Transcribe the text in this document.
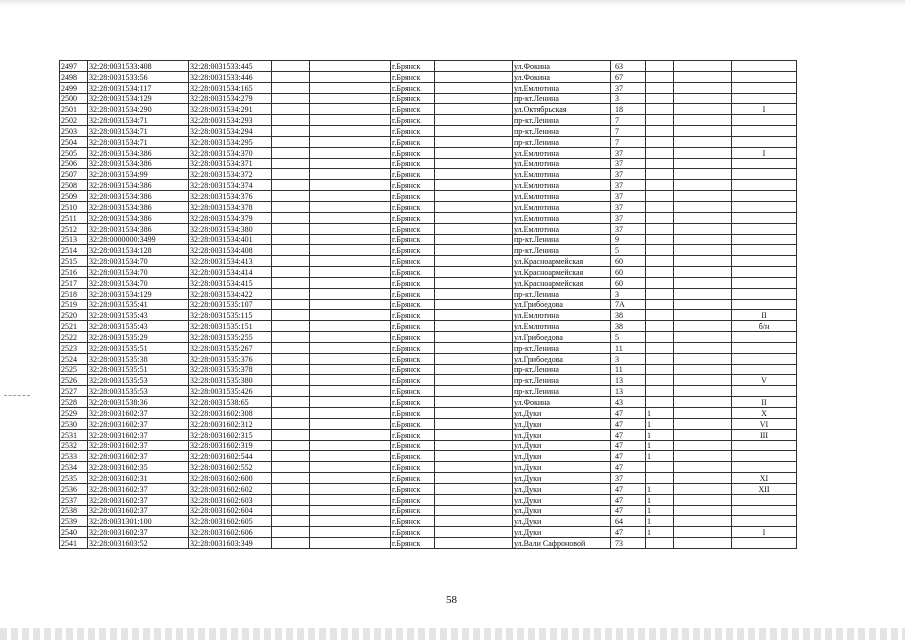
2497	32:28:0031533:408	32:28:0031533:445			г.Брянск		ул.Фокина	63			
2498	32:28:0031533:56	32:28:0031533:446			г.Брянск		ул.Фокина	67			
2499	32:28:0031534:117	32:28:0031534:165			г.Брянск		ул.Емлютина	37			
2500	32:28:0031534:129	32:28:0031534:279			г.Брянск		пр-кт.Ленина	3			
2501	32:28:0031534:290	32:28:0031534:291			г.Брянск		ул.Октябрьская	18			I
2502	32:28:0031534:71	32:28:0031534:293			г.Брянск		пр-кт.Ленина	7			
2503	32:28:0031534:71	32:28:0031534:294			г.Брянск		пр-кт.Ленина	7			
2504	32:28:0031534:71	32:28:0031534:295			г.Брянск		пр-кт.Ленина	7			
2505	32:28:0031534:386	32:28:0031534:370			г.Брянск		ул.Емлютина	37			I
2506	32:28:0031534:386	32:28:0031534:371			г.Брянск		ул.Емлютина	37			
2507	32:28:0031534:99	32:28:0031534:372			г.Брянск		ул.Емлютина	37			
2508	32:28:0031534:386	32:28:0031534:374			г.Брянск		ул.Емлютина	37			
2509	32:28:0031534:386	32:28:0031534:376			г.Брянск		ул.Емлютина	37			
2510	32:28:0031534:386	32:28:0031534:378			г.Брянск		ул.Емлютина	37			
2511	32:28:0031534:386	32:28:0031534:379			г.Брянск		ул.Емлютина	37			
2512	32:28:0031534:386	32:28:0031534:380			г.Брянск		ул.Емлютина	37			
2513	32:28:0000000:3499	32:28:0031534:401			г.Брянск		пр-кт.Ленина	9			
2514	32:28:0031534:128	32:28:0031534:408			г.Брянск		пр-кт.Ленина	5			
2515	32:28:0031534:70	32:28:0031534:413			г.Брянск		ул.Красноармейская	60			
2516	32:28:0031534:70	32:28:0031534:414			г.Брянск		ул.Красноармейская	60			
2517	32:28:0031534:70	32:28:0031534:415			г.Брянск		ул.Красноармейская	60			
2518	32:28:0031534:129	32:28:0031534:422			г.Брянск		пр-кт.Ленина	3			
2519	32:28:0031535:41	32:28:0031535:107			г.Брянск		ул.Грибоедова	7А			
2520	32:28:0031535:43	32:28:0031535:115			г.Брянск		ул.Емлютина	38			II
2521	32:28:0031535:43	32:28:0031535:151			г.Брянск		ул.Емлютина	38			б/н
2522	32:28:0031535:29	32:28:0031535:255			г.Брянск		ул.Грибоедова	5			
2523	32:28:0031535:51	32:28:0031535:267			г.Брянск		пр-кт.Ленина	11			
2524	32:28:0031535:38	32:28:0031535:376			г.Брянск		ул.Грибоедова	3			
2525	32:28:0031535:51	32:28:0031535:378			г.Брянск		пр-кт.Ленина	11			
2526	32:28:0031535:53	32:28:0031535:380			г.Брянск		пр-кт.Ленина	13			V
2527	32:28:0031535:53	32:28:0031535:426			г.Брянск		пр-кт.Ленина	13			
2528	32:28:0031538:36	32:28:0031538:65			г.Брянск		ул.Фокина	43			II
2529	32:28:0031602:37	32:28:0031602:308			г.Брянск		ул.Дуки	47	1		X
2530	32:28:0031602:37	32:28:0031602:312			г.Брянск		ул.Дуки	47	1		VI
2531	32:28:0031602:37	32:28:0031602:315			г.Брянск		ул.Дуки	47	1		III
2532	32:28:0031602:37	32:28:0031602:319			г.Брянск		ул.Дуки	47	1		
2533	32:28:0031602:37	32:28:0031602:544			г.Брянск		ул.Дуки	47	1		
2534	32:28:0031602:35	32:28:0031602:552			г.Брянск		ул.Дуки	47			
2535	32:28:0031602:31	32:28:0031602:600			г.Брянск		ул.Дуки	37			XI
2536	32:28:0031602:37	32:28:0031602:602			г.Брянск		ул.Дуки	47	1		XII
2537	32:28:0031602:37	32:28:0031602:603			г.Брянск		ул.Дуки	47	1		
2538	32:28:0031602:37	32:28:0031602:604			г.Брянск		ул.Дуки	47	1		
2539	32:28:0031301:100	32:28:0031602:605			г.Брянск		ул.Дуки	64	1		
2540	32:28:0031602:37	32:28:0031602:606			г.Брянск		ул.Дуки	47	1		I
2541	32:28:0031603:52	32:28:0031603:349			г.Брянск		ул.Вали Сафроновой	73			
58
